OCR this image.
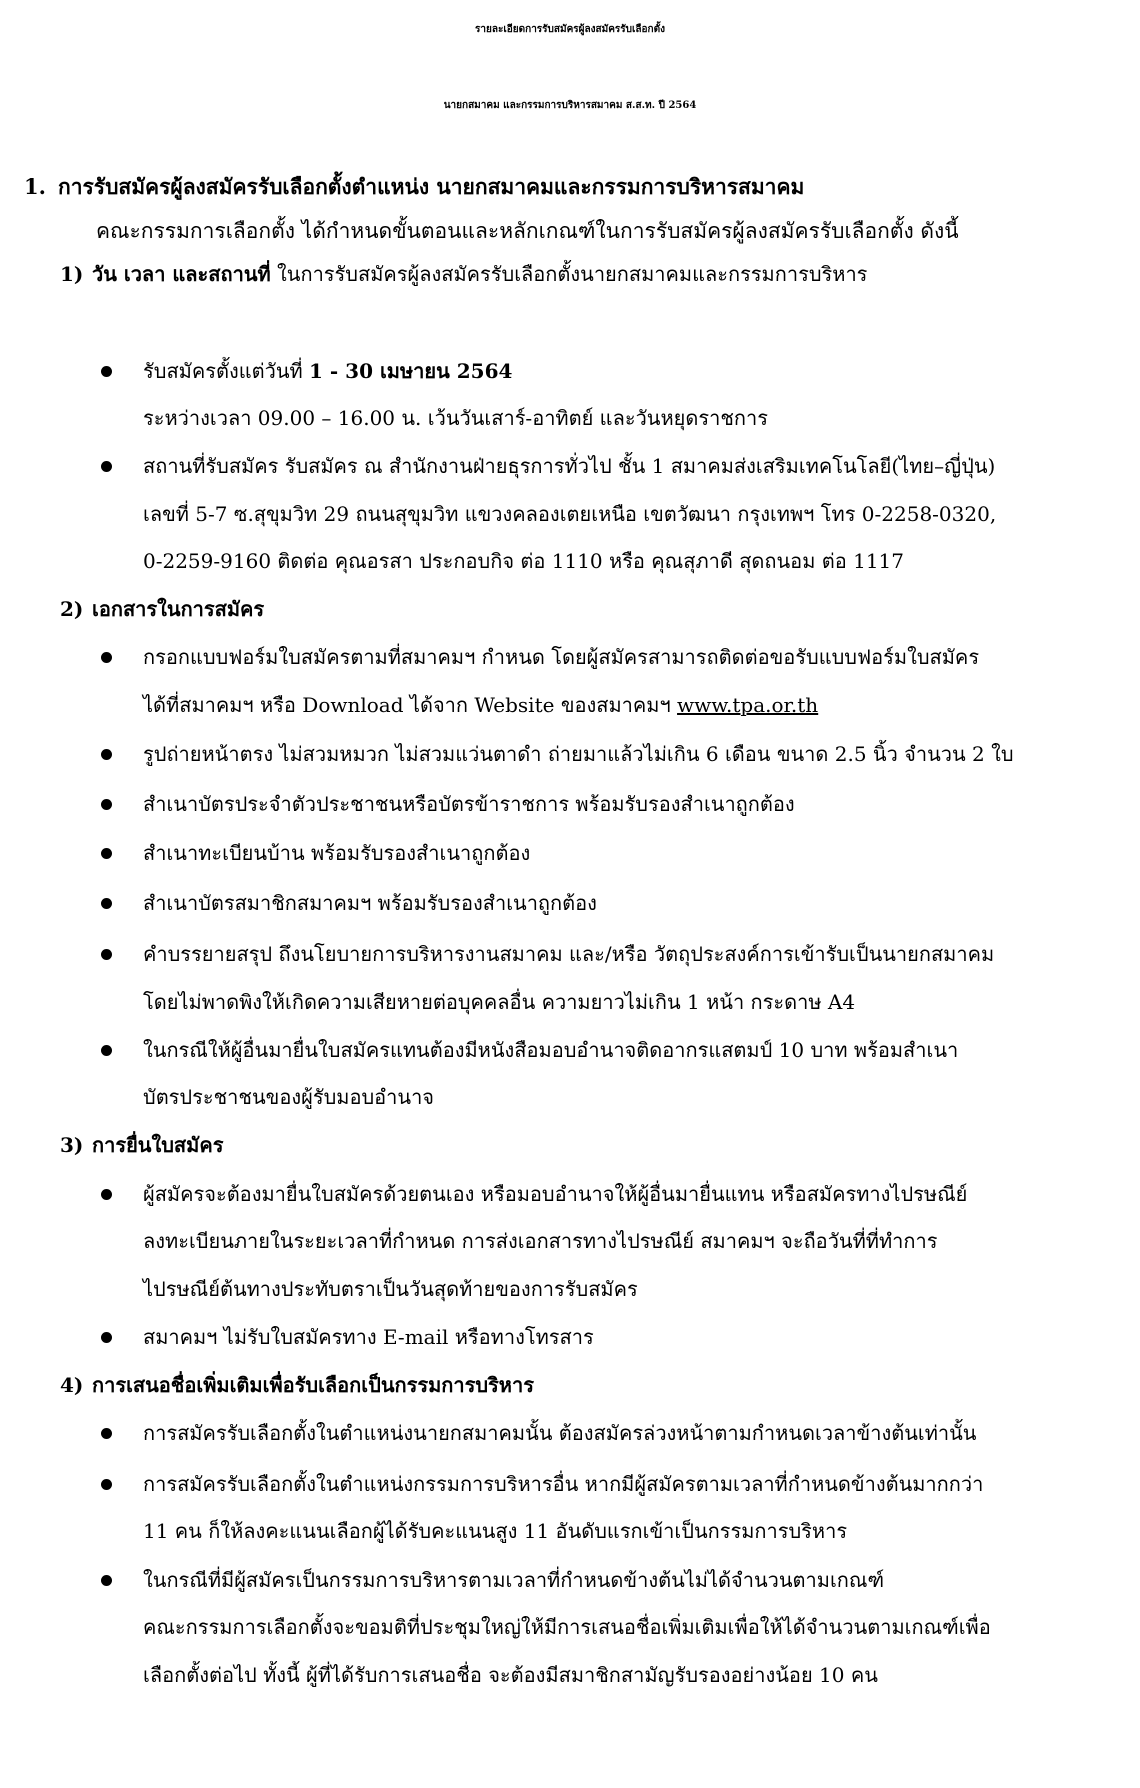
รายละเอียดการรับสมัครผู้ลงสมัครรับเลือกตั้ง
นายกสมาคม และกรรมการบริหารสมาคม ส.ส.ท. ปี 2564
1. การรับสมัครผู้ลงสมัครรับเลือกตั้งตำแหน่ง นายกสมาคมและกรรมการบริหารสมาคม
คณะกรรมการเลือกตั้ง ได้กำหนดขั้นตอนและหลักเกณฑ์ในการรับสมัครผู้ลงสมัครรับเลือกตั้ง ดังนี้
1) วัน เวลา และสถานที่ ในการรับสมัครผู้ลงสมัครรับเลือกตั้งนายกสมาคมและกรรมการบริหาร
รับสมัครตั้งแต่วันที่ 1 - 30 เมษายน 2564
ระหว่างเวลา 09.00 – 16.00 น. เว้นวันเสาร์-อาทิตย์ และวันหยุดราชการ
สถานที่รับสมัคร รับสมัคร ณ สำนักงานฝ่ายธุรการทั่วไป ชั้น 1 สมาคมส่งเสริมเทคโนโลยี(ไทย–ญี่ปุ่น)
เลขที่ 5-7 ซ.สุขุมวิท 29 ถนนสุขุมวิท แขวงคลองเตยเหนือ เขตวัฒนา กรุงเทพฯ โทร 0-2258-0320,
0-2259-9160 ติดต่อ คุณอรสา ประกอบกิจ ต่อ 1110 หรือ คุณสุภาดี สุดถนอม ต่อ 1117
2) เอกสารในการสมัคร
กรอกแบบฟอร์มใบสมัครตามที่สมาคมฯ กำหนด โดยผู้สมัครสามารถติดต่อขอรับแบบฟอร์มใบสมัคร
ได้ที่สมาคมฯ หรือ Download ได้จาก Website ของสมาคมฯ www.tpa.or.th
รูปถ่ายหน้าตรง ไม่สวมหมวก ไม่สวมแว่นตาดำ ถ่ายมาแล้วไม่เกิน 6 เดือน ขนาด 2.5 นิ้ว จำนวน 2 ใบ
สำเนาบัตรประจำตัวประชาชนหรือบัตรข้าราชการ พร้อมรับรองสำเนาถูกต้อง
สำเนาทะเบียนบ้าน พร้อมรับรองสำเนาถูกต้อง
สำเนาบัตรสมาชิกสมาคมฯ พร้อมรับรองสำเนาถูกต้อง
คำบรรยายสรุป ถึงนโยบายการบริหารงานสมาคม และ/หรือ วัตถุประสงค์การเข้ารับเป็นนายกสมาคม
โดยไม่พาดพิงให้เกิดความเสียหายต่อบุคคลอื่น ความยาวไม่เกิน 1 หน้า กระดาษ A4
ในกรณีให้ผู้อื่นมายื่นใบสมัครแทนต้องมีหนังสือมอบอำนาจติดอากรแสตมป์ 10 บาท พร้อมสำเนา
บัตรประชาชนของผู้รับมอบอำนาจ
3) การยื่นใบสมัคร
ผู้สมัครจะต้องมายื่นใบสมัครด้วยตนเอง หรือมอบอำนาจให้ผู้อื่นมายื่นแทน หรือสมัครทางไปรษณีย์
ลงทะเบียนภายในระยะเวลาที่กำหนด การส่งเอกสารทางไปรษณีย์ สมาคมฯ จะถือวันที่ที่ทำการ
ไปรษณีย์ต้นทางประทับตราเป็นวันสุดท้ายของการรับสมัคร
สมาคมฯ ไม่รับใบสมัครทาง E-mail หรือทางโทรสาร
4) การเสนอชื่อเพิ่มเติมเพื่อรับเลือกเป็นกรรมการบริหาร
การสมัครรับเลือกตั้งในตำแหน่งนายกสมาคมนั้น ต้องสมัครล่วงหน้าตามกำหนดเวลาข้างต้นเท่านั้น
การสมัครรับเลือกตั้งในตำแหน่งกรรมการบริหารอื่น หากมีผู้สมัครตามเวลาที่กำหนดข้างต้นมากกว่า
11 คน ก็ให้ลงคะแนนเลือกผู้ได้รับคะแนนสูง 11 อันดับแรกเข้าเป็นกรรมการบริหาร
ในกรณีที่มีผู้สมัครเป็นกรรมการบริหารตามเวลาที่กำหนดข้างต้นไม่ได้จำนวนตามเกณฑ์
คณะกรรมการเลือกตั้งจะขอมติที่ประชุมใหญ่ให้มีการเสนอชื่อเพิ่มเติมเพื่อให้ได้จำนวนตามเกณฑ์เพื่อ
เลือกตั้งต่อไป ทั้งนี้ ผู้ที่ได้รับการเสนอชื่อ จะต้องมีสมาชิกสามัญรับรองอย่างน้อย 10 คน
